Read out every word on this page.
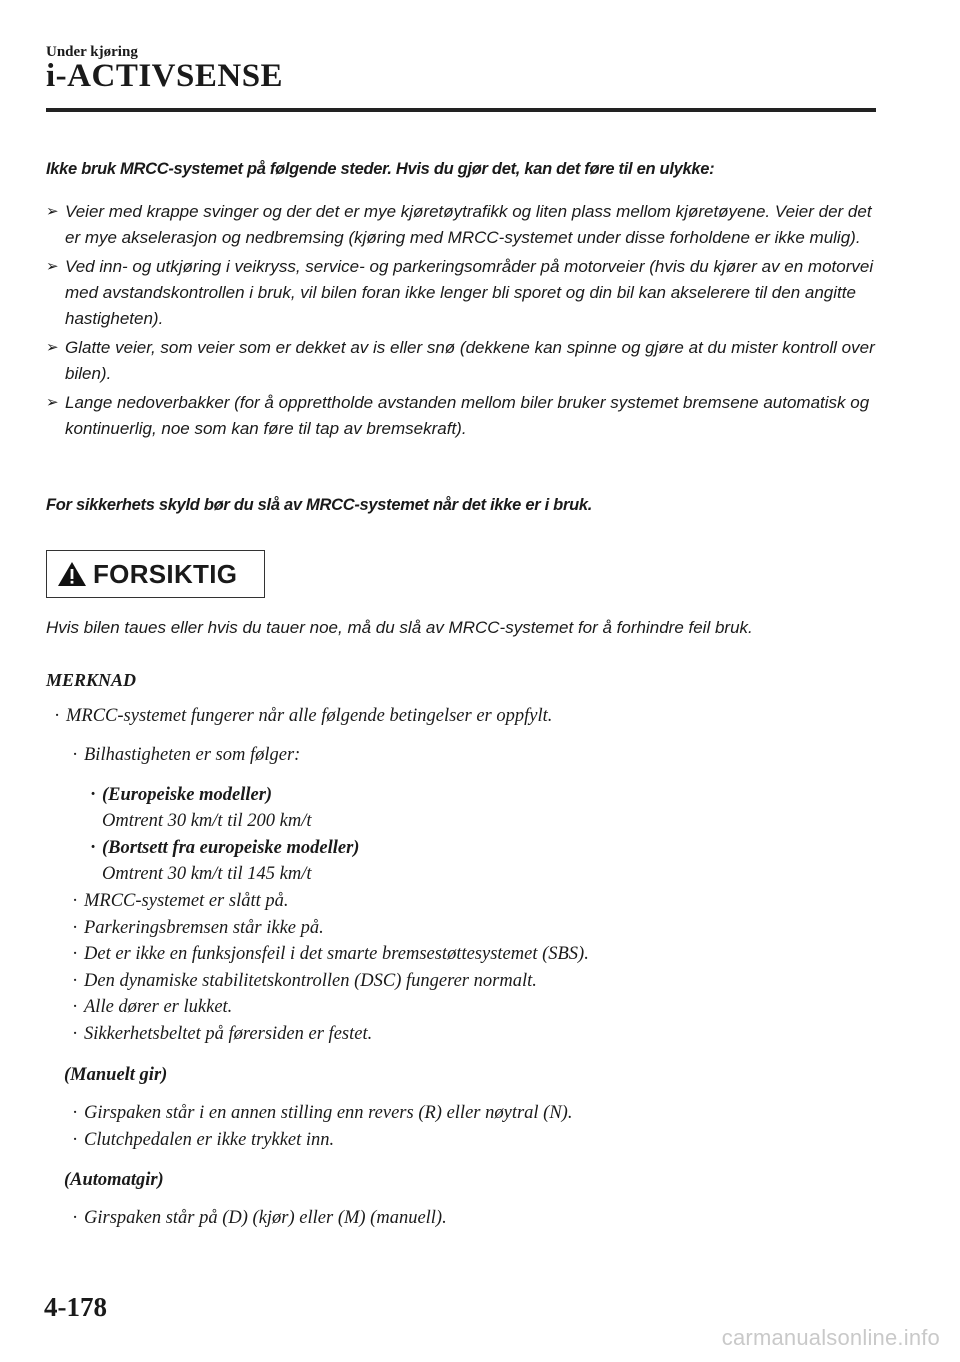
Under kjøring
i-ACTIVSENSE

Ikke bruk MRCC-systemet på følgende steder. Hvis du gjør det, kan det føre til en ulykke:

➢ Veier med krappe svinger og der det er mye kjøretøytrafikk og liten plass mellom kjøretøyene. Veier der det er mye akselerasjon og nedbremsing (kjøring med MRCC-systemet under disse forholdene er ikke mulig).
➢ Ved inn- og utkjøring i veikryss, service- og parkeringsområder på motorveier (hvis du kjører av en motorvei med avstandskontrollen i bruk, vil bilen foran ikke lenger bli sporet og din bil kan akselerere til den angitte hastigheten).
➢ Glatte veier, som veier som er dekket av is eller snø (dekkene kan spinne og gjøre at du mister kontroll over bilen).
➢ Lange nedoverbakker (for å opprettholde avstanden mellom biler bruker systemet bremsene automatisk og kontinuerlig, noe som kan føre til tap av bremsekraft).

For sikkerhets skyld bør du slå av MRCC-systemet når det ikke er i bruk.

FORSIKTIG

Hvis bilen taues eller hvis du tauer noe, må du slå av MRCC-systemet for å forhindre feil bruk.

MERKNAD

· MRCC-systemet fungerer når alle følgende betingelser er oppfylt.

· Bilhastigheten er som følger:

· (Europeiske modeller)

Omtrent 30 km/t til 200 km/t

· (Bortsett fra europeiske modeller)

Omtrent 30 km/t til 145 km/t

· MRCC-systemet er slått på.

· Parkeringsbremsen står ikke på.

· Det er ikke en funksjonsfeil i det smarte bremsestøttesystemet (SBS).

· Den dynamiske stabilitetskontrollen (DSC) fungerer normalt.

· Alle dører er lukket.

· Sikkerhetsbeltet på førersiden er festet.

(Manuelt gir)

· Girspaken står i en annen stilling enn revers (R) eller nøytral (N).

· Clutchpedalen er ikke trykket inn.

(Automatgir)

· Girspaken står på (D) (kjør) eller (M) (manuell).

4-178
carmanualsonline.info
